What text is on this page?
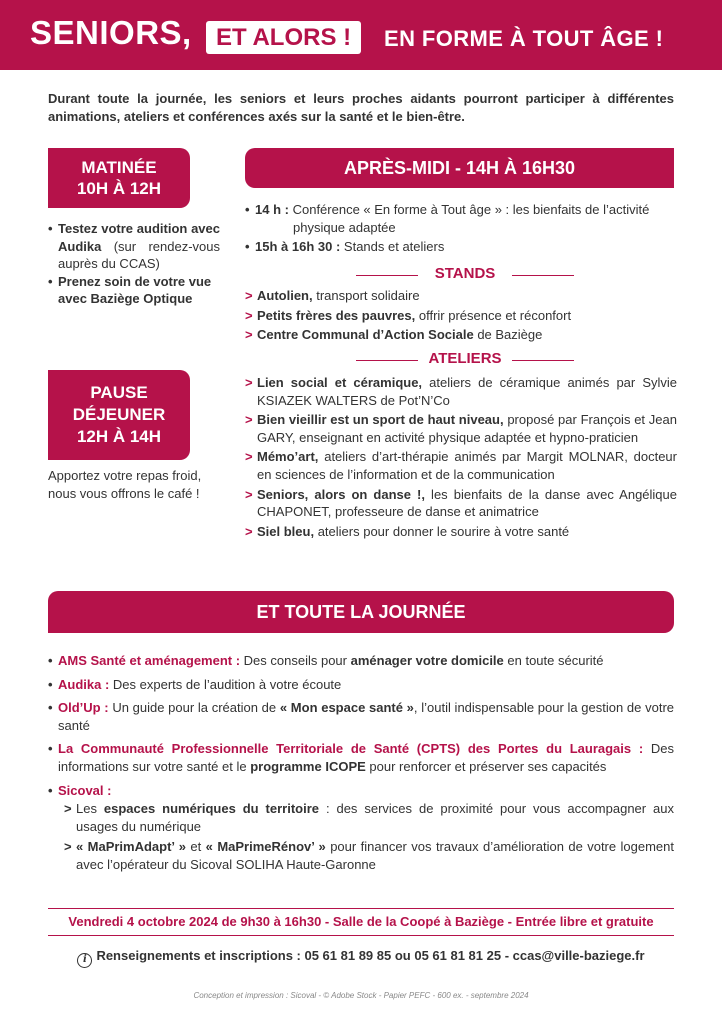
SENIORS,	ET ALORS !	EN FORME À TOUT ÂGE !

Durant toute la journée, les seniors et leurs proches aidants pourront participer à différentes animations, ateliers et conférences axés sur la santé et le bien-être.

MATINÉE
10H À 12H
• Testez votre audition avec Audika (sur rendez-vous auprès du CCAS)
• Prenez soin de votre vue avec Baziège Optique
PAUSE
DÉJEUNER
12H À 14H
Apportez votre repas froid, nous vous offrons le café !
APRÈS-MIDI - 14H À 16H30
• 14 h : Conférence « En forme à Tout âge » : les bienfaits de l’activité
physique adaptée
• 15h à 16h 30 : Stands et ateliers
STANDS
> Autolien, transport solidaire
> Petits frères des pauvres, offrir présence et réconfort
> Centre Communal d’Action Sociale de Baziège
ATELIERS
> Lien social et céramique, ateliers de céramique animés par Sylvie KSIAZEK WALTERS de Pot’N’Co
> Bien vieillir est un sport de haut niveau, proposé par François et Jean GARY, enseignant en activité physique adaptée et hypno-praticien
> Mémo’art, ateliers d’art-thérapie animés par Margit MOLNAR, docteur en sciences de l’information et de la communication
> Seniors, alors on danse !, les bienfaits de la danse avec Angélique CHAPONET, professeure de danse et animatrice
> Siel bleu, ateliers pour donner le sourire à votre santé
ET TOUTE LA JOURNÉE
• AMS Santé et aménagement : Des conseils pour aménager votre domicile en toute sécurité
• Audika : Des experts de l’audition à votre écoute
• Old’Up : Un guide pour la création de « Mon espace santé », l’outil indispensable pour la gestion de votre santé
• La Communauté Professionnelle Territoriale de Santé (CPTS) des Portes du Lauragais : Des informations sur votre santé et le programme ICOPE pour renforcer et préserver ses capacités
• Sicoval :
> Les espaces numériques du territoire : des services de proximité pour vous accompagner aux usages du numérique
> « MaPrimAdapt’ » et « MaPrimeRénov’ » pour financer vos travaux d’amélioration de votre logement avec l’opérateur du Sicoval SOLIHA Haute-Garonne
Vendredi 4 octobre 2024 de 9h30 à 16h30 - Salle de la Coopé à Baziège - Entrée libre et gratuite
i Renseignements et inscriptions : 05 61 81 89 85 ou 05 61 81 81 25 - ccas@ville-baziege.fr
Conception et impression : Sicoval - © Adobe Stock - Papier PEFC - 600 ex. - septembre 2024
